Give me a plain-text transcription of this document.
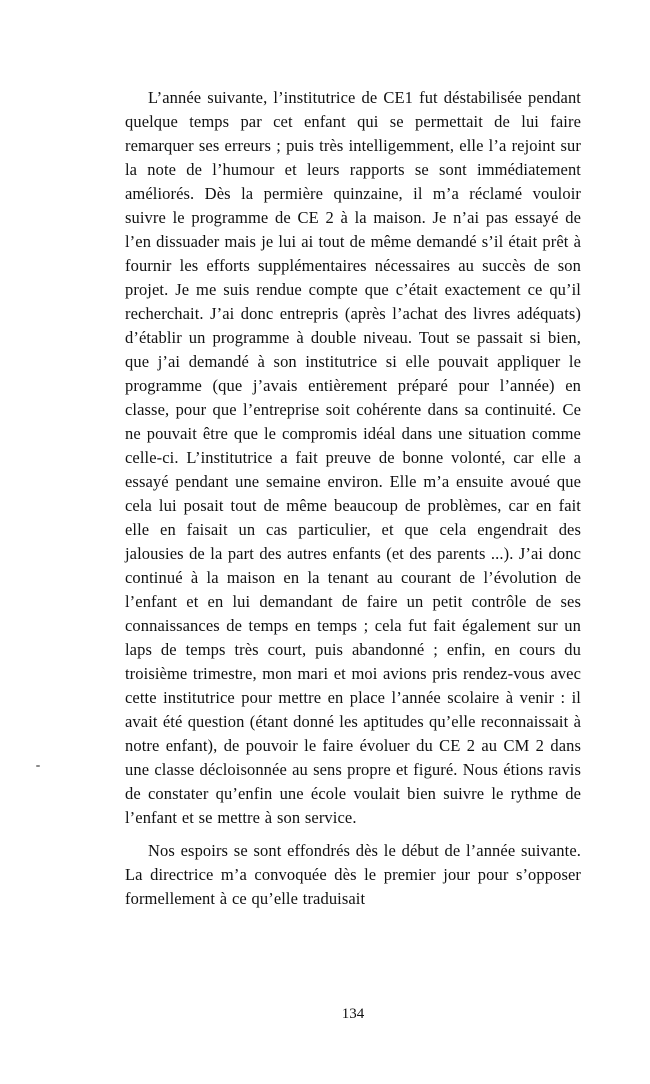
L’année suivante, l’institutrice de CE1 fut déstabilisée pendant quelque temps par cet enfant qui se permettait de lui faire remarquer ses erreurs ; puis très intelligemment, elle l’a rejoint sur la note de l’humour et leurs rapports se sont immédiatement améliorés. Dès la permière quinzaine, il m’a réclamé vouloir suivre le programme de CE 2 à la maison. Je n’ai pas essayé de l’en dissuader mais je lui ai tout de même demandé s’il était prêt à fournir les efforts supplémentaires nécessaires au succès de son projet. Je me suis rendue compte que c’était exactement ce qu’il recherchait. J’ai donc entrepris (après l’achat des livres adéquats) d’établir un programme à double niveau. Tout se passait si bien, que j’ai demandé à son institutrice si elle pouvait appliquer le programme (que j’avais entièrement préparé pour l’année) en classe, pour que l’entreprise soit cohérente dans sa continuité. Ce ne pouvait être que le compromis idéal dans une situation comme celle-ci. L’institutrice a fait preuve de bonne volonté, car elle a essayé pendant une semaine environ. Elle m’a ensuite avoué que cela lui posait tout de même beaucoup de problèmes, car en fait elle en faisait un cas particulier, et que cela engendrait des jalousies de la part des autres enfants (et des parents ...). J’ai donc continué à la maison en la tenant au courant de l’évolution de l’enfant et en lui demandant de faire un petit contrôle de ses connaissances de temps en temps ; cela fut fait également sur un laps de temps très court, puis abandonné ; enfin, en cours du troisième trimestre, mon mari et moi avions pris rendez-vous avec cette institutrice pour mettre en place l’année scolaire à venir : il avait été question (étant donné les aptitudes qu’elle reconnaissait à notre enfant), de pouvoir le faire évoluer du CE 2 au CM 2 dans une classe décloisonnée au sens propre et figuré. Nous étions ravis de constater qu’enfin une école voulait bien suivre le rythme de l’enfant et se mettre à son service.

Nos espoirs se sont effondrés dès le début de l’année suivante. La directrice m’a convoquée dès le premier jour pour s’opposer formellement à ce qu’elle traduisait

134
